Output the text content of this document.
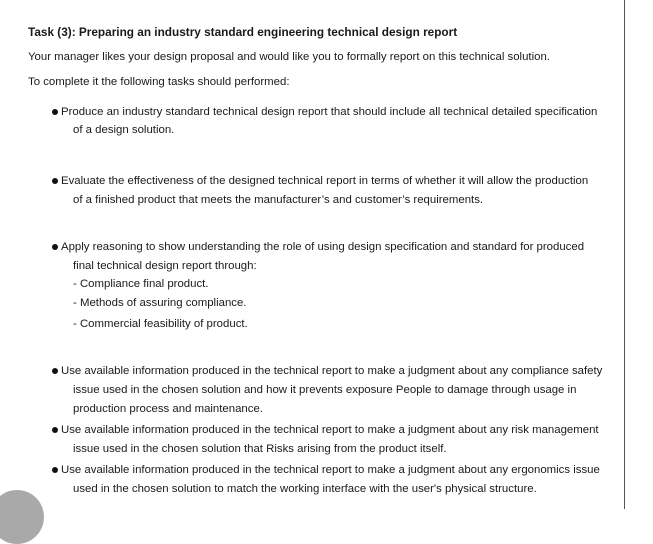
Task (3): Preparing an industry standard engineering technical design report
Your manager likes your design proposal and would like you to formally report on this technical solution.
To complete it the following tasks should performed:
Produce an industry standard technical design report that should include all technical detailed specification
of a design solution.
Evaluate the effectiveness of the designed technical report in terms of whether it will allow the production
of a finished product that meets the manufacturer’s and customer’s requirements.
Apply reasoning to show understanding the role of using design specification and standard for produced
final technical design report through:
- Compliance final product.
- Methods of assuring compliance.
- Commercial feasibility of product.
Use available information produced in the technical report to make a judgment about any compliance safety
issue used in the chosen solution and how it prevents exposure People to damage through usage in
production process and maintenance.
Use available information produced in the technical report to make a judgment about any risk management
issue used in the chosen solution that Risks arising from the product itself.
Use available information produced in the technical report to make a judgment about any ergonomics issue
used in the chosen solution to match the working interface with the user's physical structure.
